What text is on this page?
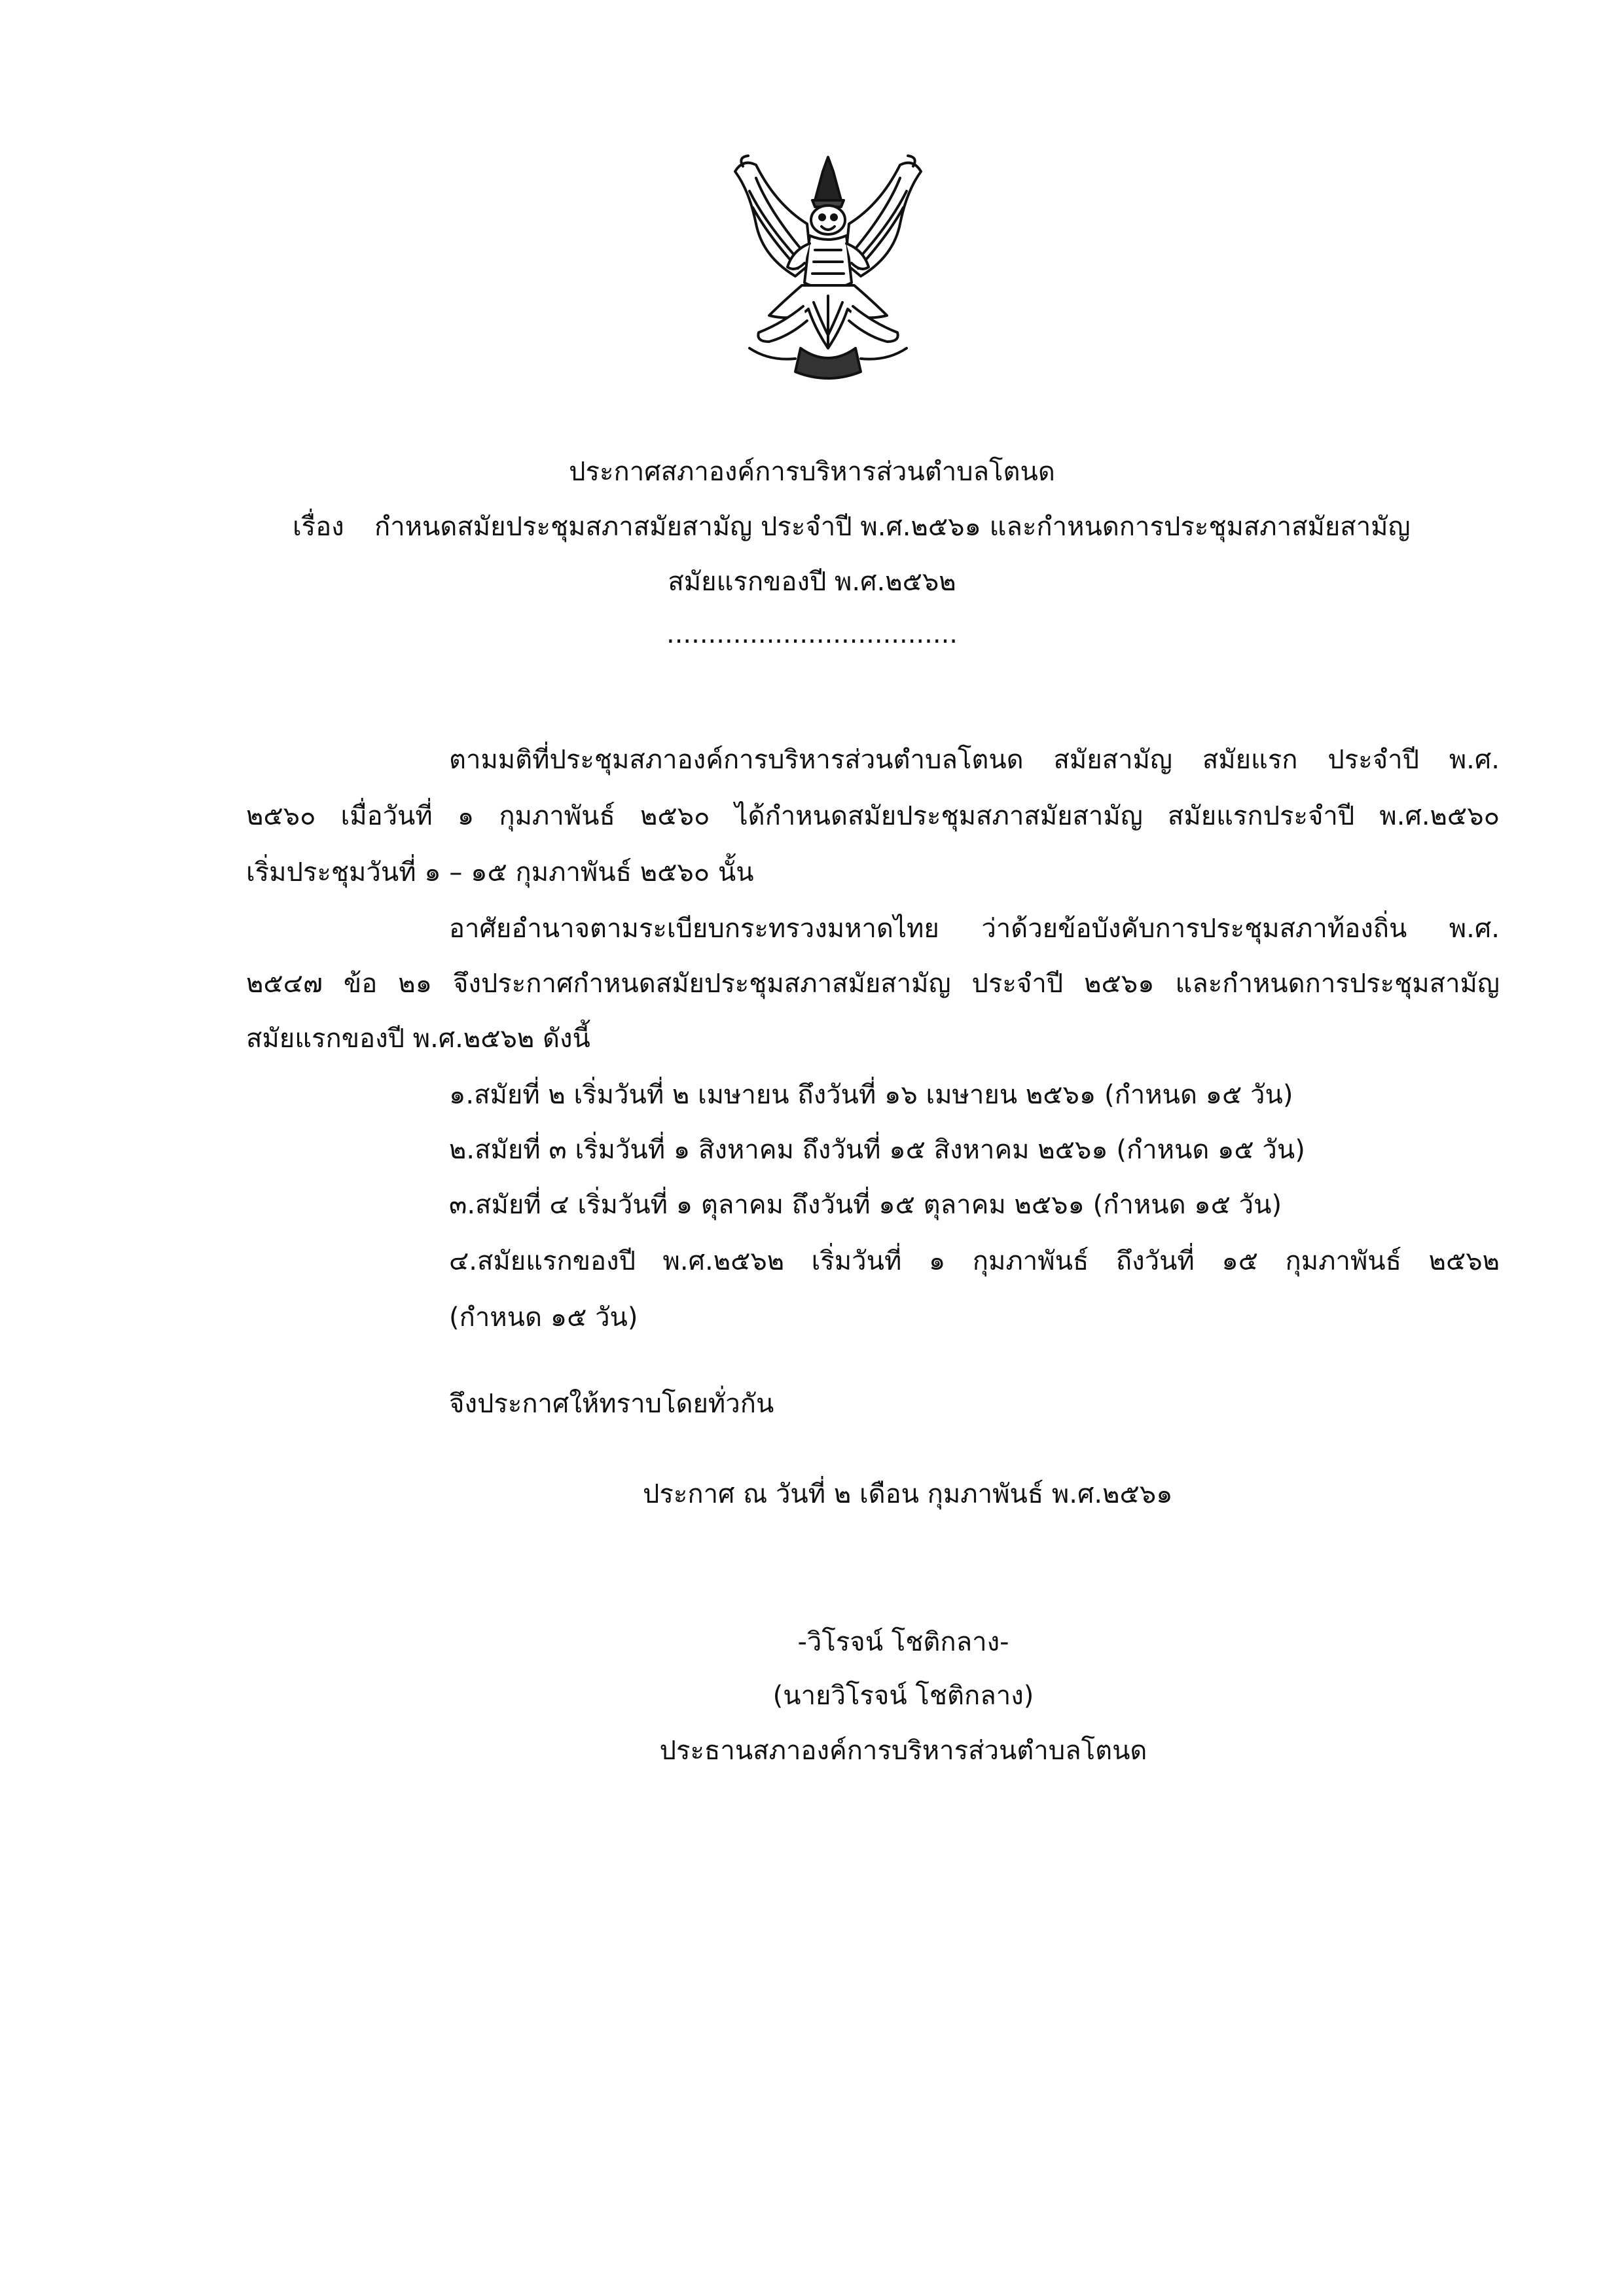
ประกาศสภาองค์การบริหารส่วนตำบลโตนด
เรื่อง กำหนดสมัยประชุมสภาสมัยสามัญ ประจำปี พ.ศ.๒๕๖๑ และกำหนดการประชุมสภาสมัยสามัญ
สมัยแรกของปี พ.ศ.๒๕๖๒
...................................
ตามมติที่ประชุมสภาองค์การบริหารส่วนตำบลโตนด สมัยสามัญ สมัยแรก ประจำปี พ.ศ.
๒๕๖๐ เมื่อวันที่ ๑ กุมภาพันธ์ ๒๕๖๐ ได้กำหนดสมัยประชุมสภาสมัยสามัญ สมัยแรกประจำปี พ.ศ.๒๕๖๐
เริ่มประชุมวันที่ ๑ – ๑๕ กุมภาพันธ์ ๒๕๖๐ นั้น
อาศัยอำนาจตามระเบียบกระทรวงมหาดไทย ว่าด้วยข้อบังคับการประชุมสภาท้องถิ่น พ.ศ.
๒๕๔๗ ข้อ ๒๑ จึงประกาศกำหนดสมัยประชุมสภาสมัยสามัญ ประจำปี ๒๕๖๑ และกำหนดการประชุมสามัญ
สมัยแรกของปี พ.ศ.๒๕๖๒ ดังนี้
๑.สมัยที่ ๒ เริ่มวันที่ ๒ เมษายน ถึงวันที่ ๑๖ เมษายน ๒๕๖๑ (กำหนด ๑๕ วัน)
๒.สมัยที่ ๓ เริ่มวันที่ ๑ สิงหาคม ถึงวันที่ ๑๕ สิงหาคม ๒๕๖๑ (กำหนด ๑๕ วัน)
๓.สมัยที่ ๔ เริ่มวันที่ ๑ ตุลาคม ถึงวันที่ ๑๕ ตุลาคม ๒๕๖๑ (กำหนด ๑๕ วัน)
๔.สมัยแรกของปี พ.ศ.๒๕๖๒ เริ่มวันที่ ๑ กุมภาพันธ์ ถึงวันที่ ๑๕ กุมภาพันธ์ ๒๕๖๒
(กำหนด ๑๕ วัน)
จึงประกาศให้ทราบโดยทั่วกัน
ประกาศ ณ วันที่ ๒ เดือน กุมภาพันธ์ พ.ศ.๒๕๖๑
-วิโรจน์ โชติกลาง-
(นายวิโรจน์ โชติกลาง)
ประธานสภาองค์การบริหารส่วนตำบลโตนด
